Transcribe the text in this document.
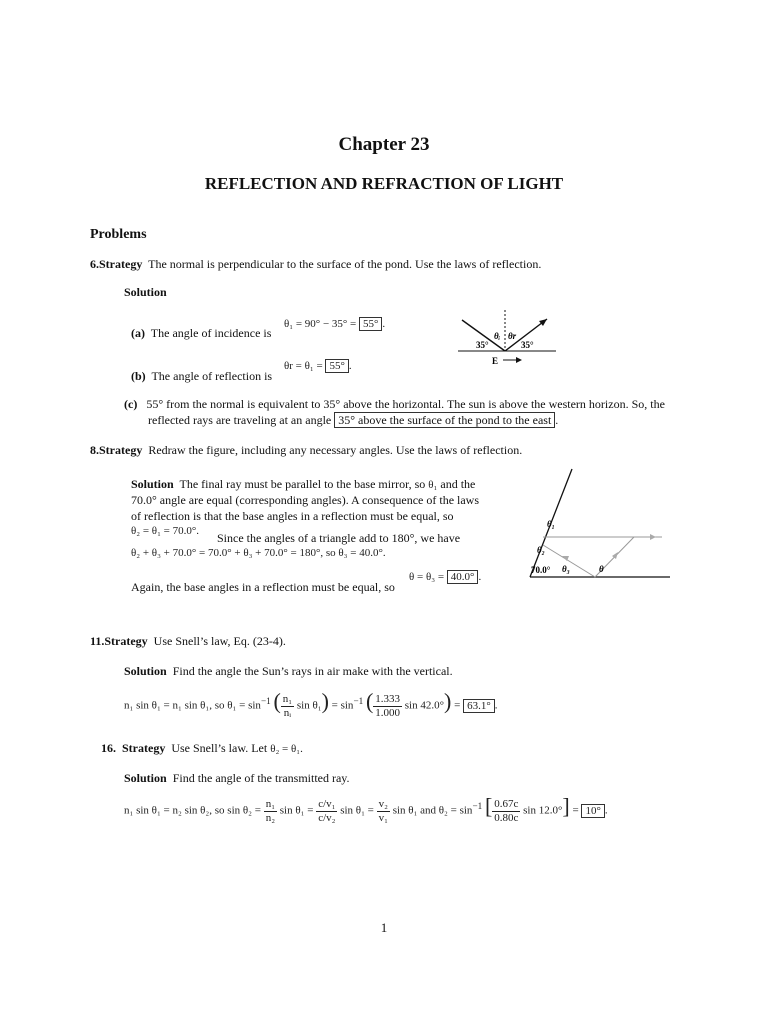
Chapter 23
REFLECTION AND REFRACTION OF LIGHT
Problems
6.Strategy The normal is perpendicular to the surface of the pond. Use the laws of reflection.
Solution
(a) The angle of incidence is
θ₁ = 90° − 35° = 55° .
(b) The angle of reflection is
θr = θ₁ = 55° .
(c) 55° from the normal is equivalent to 35° above the horizontal. The sun is above the western horizon. So, the
reflected rays are traveling at an angle 35° above the surface of the pond to the east .
θᵢ θr
35°	35°
E
8.Strategy Redraw the figure, including any necessary angles. Use the laws of reflection.
Solution The final ray must be parallel to the base mirror, so θ₁ and the
70.0° angle are equal (corresponding angles). A consequence of the laws
of reflection is that the base angles in a reflection must be equal, so
θ₂ = θ₁ = 70.0°. Since the angles of a triangle add to 180°, we have
θ₂ + θ₃ + 70.0° = 70.0° + θ₃ + 70.0° = 180°, so θ₃ = 40.0°.
Again, the base angles in a reflection must be equal, so
θ = θ₃ = 40.0° .
θ₁
θ₂
70.0° θ₃	θ
11.Strategy Use Snell’s law, Eq. (23-4).
Solution Find the angle the Sun’s rays in air make with the vertical.
n₁ sin θ₁ = n₁ sin θ₁, so $\theta_1 = \sin^{-1}$ ( $\frac{\text{n₁}}{\text{nᵢ}}$ $\sin \theta_1) = \sin^{-1}$ ( $\frac{1.333}{1.000}$ sin 42.0°) = 63.1° .
16. Strategy Use Snell’s law. Let θ₂ = θ₁.
Solution Find the angle of the transmitted ray.
n₁ sin θ₁ = n₂ sin θ₂, so $\sin \theta_2 = \frac{\text{n₁}}{\text{n₂}}$ $\sin \theta_1 = \frac{\text{c/v₁}}{\text{c/v₂}}$ $\sin \theta_1 = \frac{\text{v₂}}{\text{v₁}}$ sin θ₁ and $\theta_2 = \sin^{-1}$ [ $\frac{0.67c}{0.80c}$ sin 12.0°] = 10° .
1
